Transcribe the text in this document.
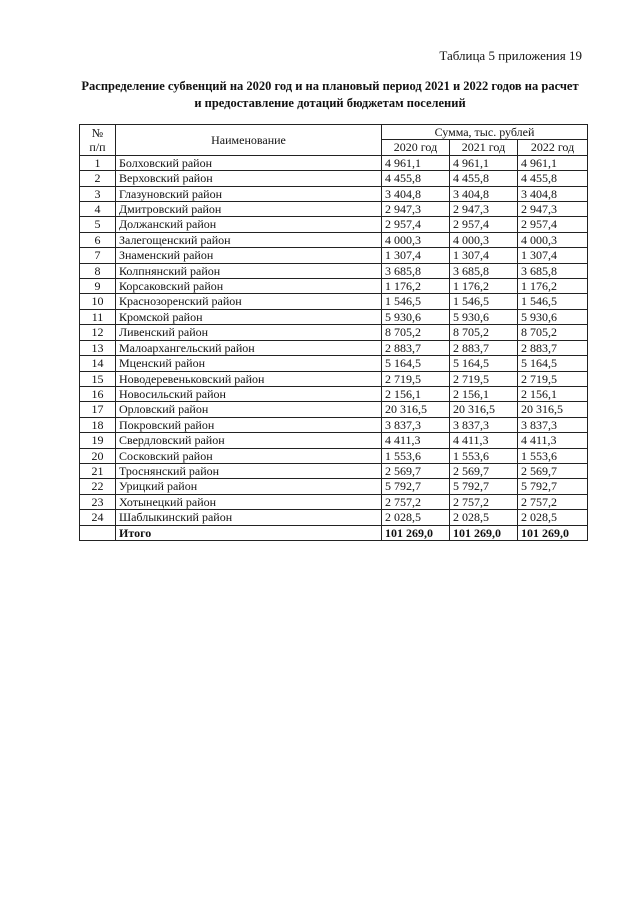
Таблица 5 приложения 19
Распределение субвенций на 2020 год и на плановый период 2021 и 2022 годов на расчет
и предоставление дотаций бюджетам поселений
№
п/п	Наименование	Сумма, тыс. рублей		
		2020 год	2021 год	2022 год
1	Болховский район	4 961,1	4 961,1	4 961,1
2	Верховский район	4 455,8	4 455,8	4 455,8
3	Глазуновский район	3 404,8	3 404,8	3 404,8
4	Дмитровский район	2 947,3	2 947,3	2 947,3
5	Должанский район	2 957,4	2 957,4	2 957,4
6	Залегощенский район	4 000,3	4 000,3	4 000,3
7	Знаменский район	1 307,4	1 307,4	1 307,4
8	Колпнянский район	3 685,8	3 685,8	3 685,8
9	Корсаковский район	1 176,2	1 176,2	1 176,2
10	Краснозоренский район	1 546,5	1 546,5	1 546,5
11	Кромской район	5 930,6	5 930,6	5 930,6
12	Ливенский район	8 705,2	8 705,2	8 705,2
13	Малоархангельский район	2 883,7	2 883,7	2 883,7
14	Мценский район	5 164,5	5 164,5	5 164,5
15	Новодеревеньковский район	2 719,5	2 719,5	2 719,5
16	Новосильский район	2 156,1	2 156,1	2 156,1
17	Орловский район	20 316,5	20 316,5	20 316,5
18	Покровский район	3 837,3	3 837,3	3 837,3
19	Свердловский район	4 411,3	4 411,3	4 411,3
20	Сосковский район	1 553,6	1 553,6	1 553,6
21	Троснянский район	2 569,7	2 569,7	2 569,7
22	Урицкий район	5 792,7	5 792,7	5 792,7
23	Хотынецкий район	2 757,2	2 757,2	2 757,2
24	Шаблыкинский район	2 028,5	2 028,5	2 028,5
	Итого	101 269,0	101 269,0	101 269,0
